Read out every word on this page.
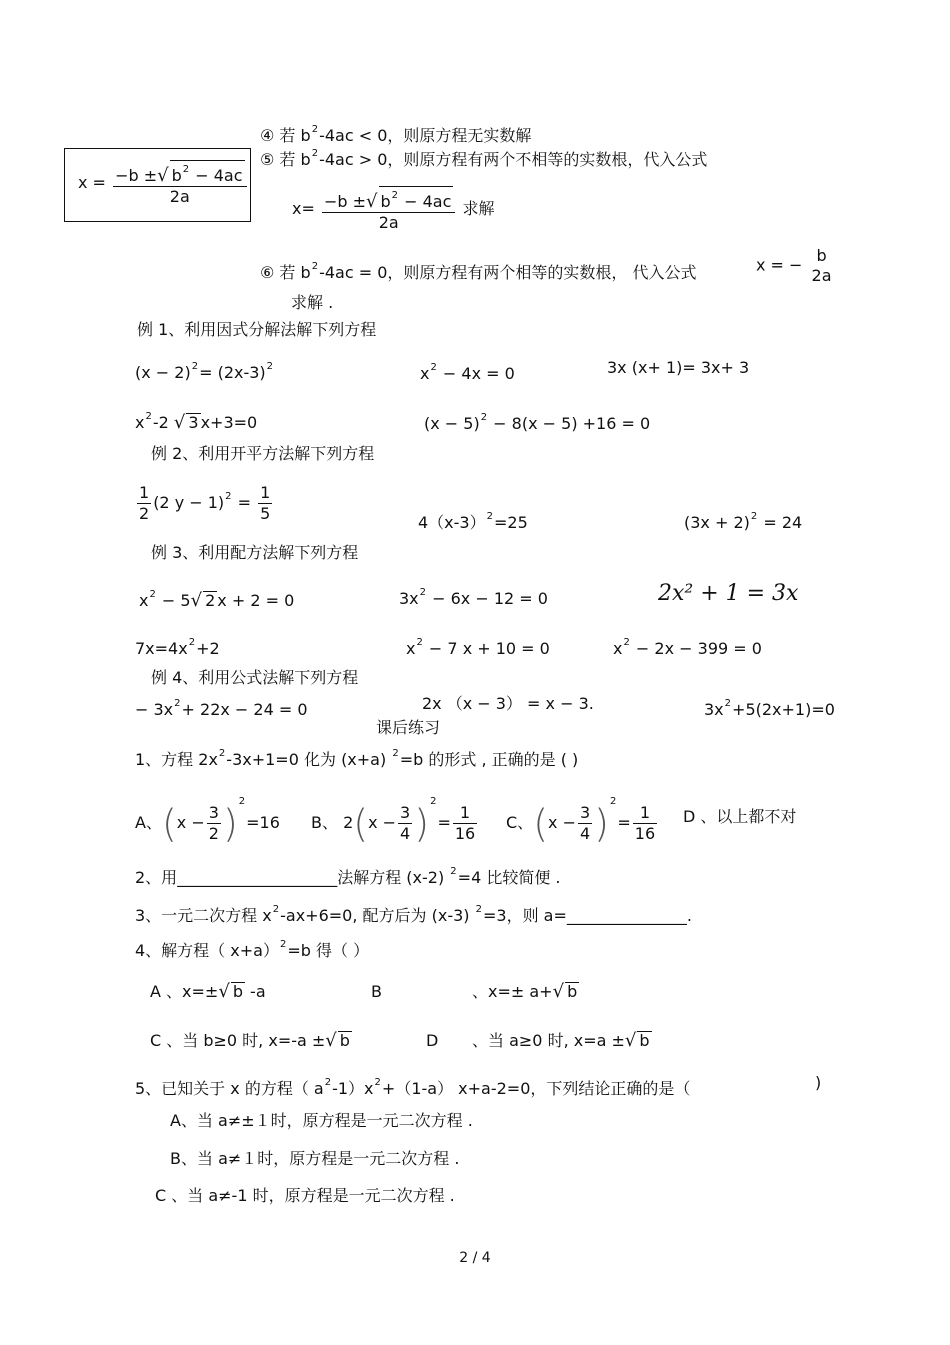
$x = \frac{-b \pm√ b^2 - 4ac}{2a}$
④ 若 $b^2-4ac < 0$，则原方程无实数解
⑤ 若 $b^2-4ac > 0$，则原方程有两个不相等的实数根，代入公式
$x= \frac{-b \pm√ b^2 - 4ac}{2a}$ 求解
⑥ 若 $b^2-4ac = 0$，则原方程有两个相等的实数根， 代入公式	x = − b
2a
求解 .
例 1、利用因式分解法解下列方程
$(x - 2)^2= (2x-3)^2$	$x^2 - 4x = 0$	3x (x+ 1)= 3x+ 3
$x^2-2$ √ 3 x+3=0	$(x - 5)^2 - 8(x - 5) +16 = 0$
例 2、利用开平方法解下列方程
$\frac{1}{2} (2$ $y - 1)^2 = \frac{1}{5}$	$4(x-3)^2=25$	$(3x + 2)^2 = 24$
例 3、利用配方法解下列方程
$x^2 - 5√$ 2 x + 2 = 0	$3x^2 - 6x - 12 = 0$	2x² + 1 = 3x
$7x=4x^2+2$	$x^2 - 7$ x + 10 = 0	$x^2 - 2x - 399 = 0$
例 4、利用公式法解下列方程
− $3x^2+ 22x - 24 = 0$	2x （x − 3） = x − 3.	$3x^2+5(2x+1)=0$
课后练习
1、方程 $2x^2-3x+1=0$ 化为 (x+a) $^2$=b 的形式 , 正确的是 ( )
A、$(x - \frac{3}{2} )^2=16$ B、 $2(x - \frac{3}{4} )^2= \frac{1}{16}$ C、$(x - \frac{3}{4} )^2= \frac{1}{16}$ D 、以上都不对
2、用____________________法解方程 (x-2) $^2$=4 比较简便 .
3、一元二次方程 $x^2-ax+6=0$, 配方后为 (x-3) $^2$=3，则 a=_______________.
4、解方程（ x+a）$^2$=b 得（ ）
A 、x=±√ b -a	B	、x=± a+√ b
C 、当 b≥0 时, x=-a ±√ b	D 、当 a≥0 时, x=a ±√ b
5、已知关于 x 的方程（ $a^2-1)x^2+(1-a)$ x+a-2=0，下列结论正确的是（	)
A、当 a≠±１时，原方程是一元二次方程 .
B、当 a≠１时，原方程是一元二次方程 .
C 、当 a≠-1 时，原方程是一元二次方程 .
2 / 4
